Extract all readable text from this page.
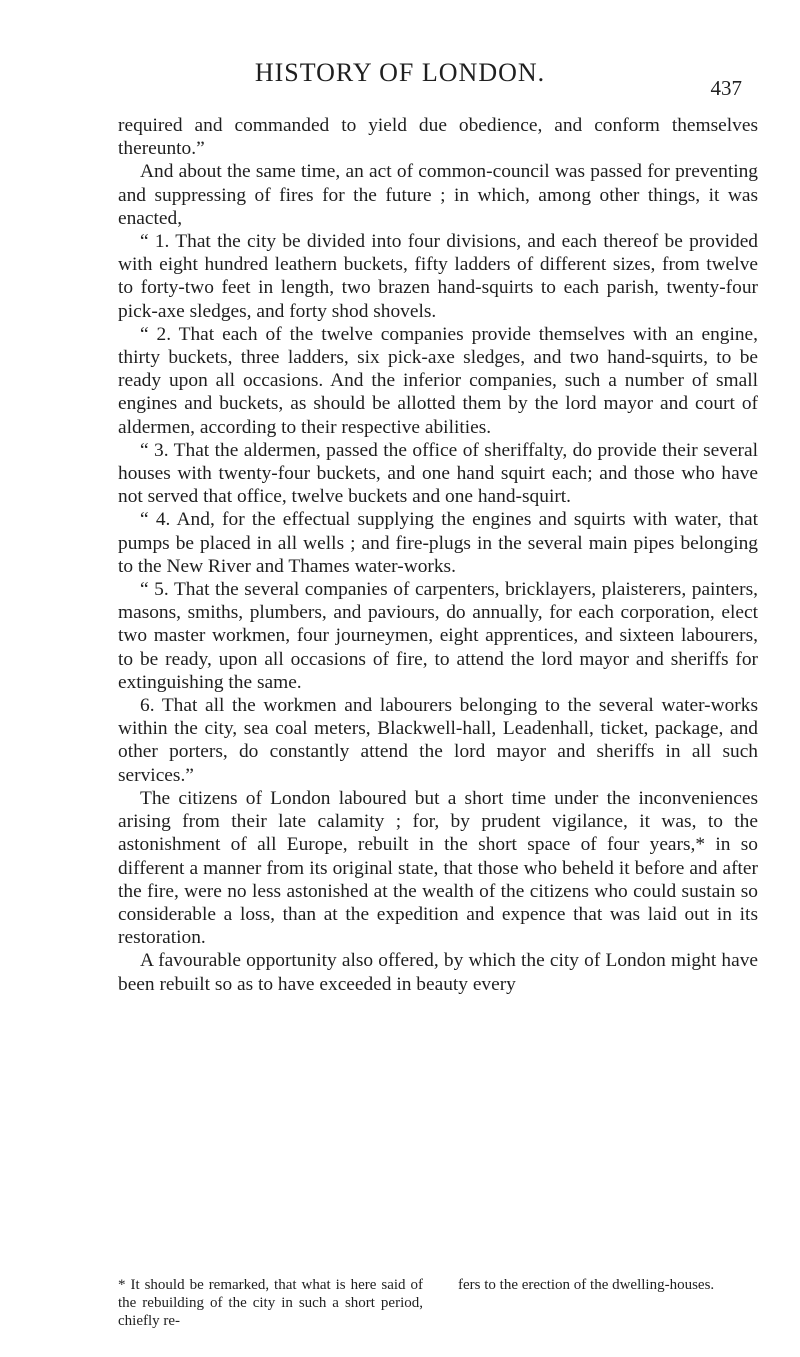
HISTORY OF LONDON.
437

required and commanded to yield due obedience, and conform themselves thereunto.”

And about the same time, an act of common-council was passed for preventing and suppressing of fires for the future ; in which, among other things, it was enacted,

“ 1. That the city be divided into four divisions, and each thereof be provided with eight hundred leathern buckets, fifty ladders of different sizes, from twelve to forty-two feet in length, two brazen hand-squirts to each parish, twenty-four pick-axe sledges, and forty shod shovels.

“ 2. That each of the twelve companies provide themselves with an engine, thirty buckets, three ladders, six pick-axe sledges, and two hand-squirts, to be ready upon all occasions. And the inferior companies, such a number of small engines and buckets, as should be allotted them by the lord mayor and court of aldermen, according to their respective abilities.

“ 3. That the aldermen, passed the office of sheriffalty, do provide their several houses with twenty-four buckets, and one hand squirt each; and those who have not served that office, twelve buckets and one hand-squirt.

“ 4. And, for the effectual supplying the engines and squirts with water, that pumps be placed in all wells ; and fire-plugs in the several main pipes belonging to the New River and Thames water-works.

“ 5. That the several companies of carpenters, bricklayers, plaisterers, painters, masons, smiths, plumbers, and paviours, do annually, for each corporation, elect two master workmen, four journeymen, eight apprentices, and sixteen labourers, to be ready, upon all occasions of fire, to attend the lord mayor and sheriffs for extinguishing the same.

6. That all the workmen and labourers belonging to the several water-works within the city, sea coal meters, Blackwell-hall, Leadenhall, ticket, package, and other porters, do constantly attend the lord mayor and sheriffs in all such services.”

The citizens of London laboured but a short time under the inconveniences arising from their late calamity ; for, by prudent vigilance, it was, to the astonishment of all Europe, rebuilt in the short space of four years,* in so different a manner from its original state, that those who beheld it before and after the fire, were no less astonished at the wealth of the citizens who could sustain so considerable a loss, than at the expedition and expence that was laid out in its restoration.

A favourable opportunity also offered, by which the city of London might have been rebuilt so as to have exceeded in beauty every

* It should be remarked, that what is here said of the rebuilding of the city in such a short period, chiefly re-
fers to the erection of the dwelling-houses.
